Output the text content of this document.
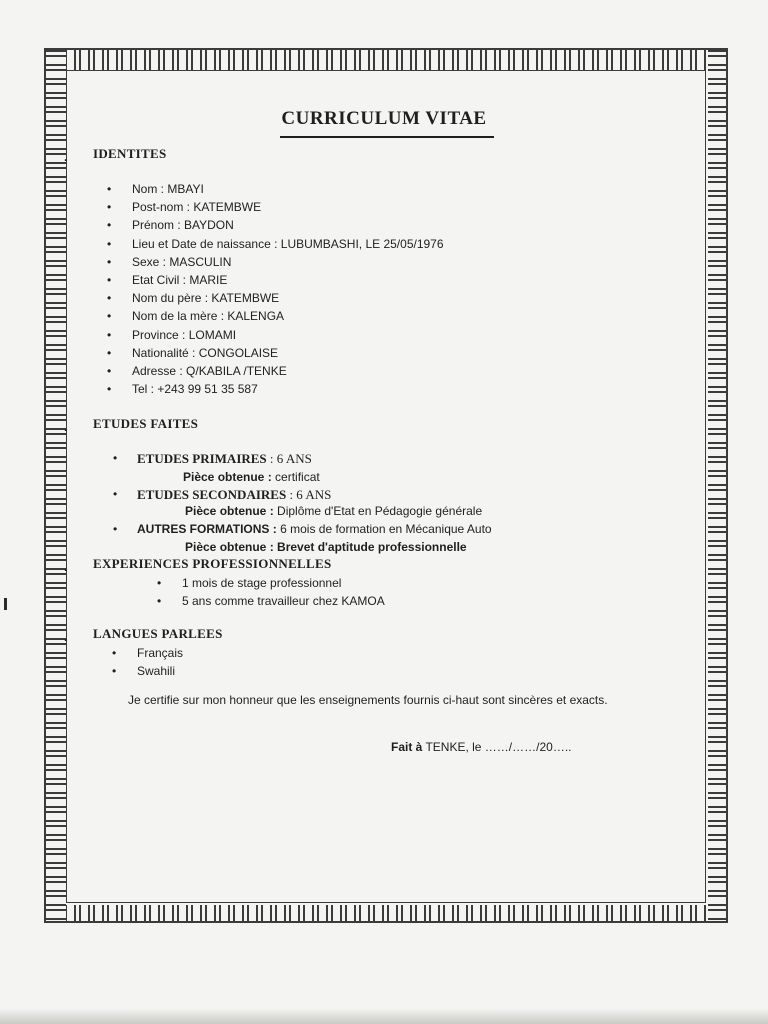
CURRICULUM VITAE
. IDENTITES
• Nom : MBAYI
• Post-nom : KATEMBWE
• Prénom : BAYDON
• Lieu et Date de naissance : LUBUMBASHI, LE 25/05/1976
• Sexe : MASCULIN
• Etat Civil : MARIE
• Nom du père : KATEMBWE
• Nom de la mère : KALENGA
• Province : LOMAMI
• Nationalité : CONGOLAISE
• Adresse : Q/KABILA /TENKE
• Tel : +243 99 51 35 587
. ETUDES FAITES
• ETUDES PRIMAIRES : 6 ANS
Pièce obtenue : certificat
• ETUDES SECONDAIRES : 6 ANS
Pièce obtenue : Diplôme d'Etat en Pédagogie générale
• AUTRES FORMATIONS : 6 mois de formation en Mécanique Auto
Pièce obtenue : Brevet d'aptitude professionnelle
. EXPERIENCES PROFESSIONNELLES
• 1 mois de stage professionnel
• 5 ans comme travailleur chez KAMOA
. LANGUES PARLEES
• Français
• Swahili
Je certifie sur mon honneur que les enseignements fournis ci-haut sont sincères et exacts.
Fait à TENKE, le ……/……/20…..
